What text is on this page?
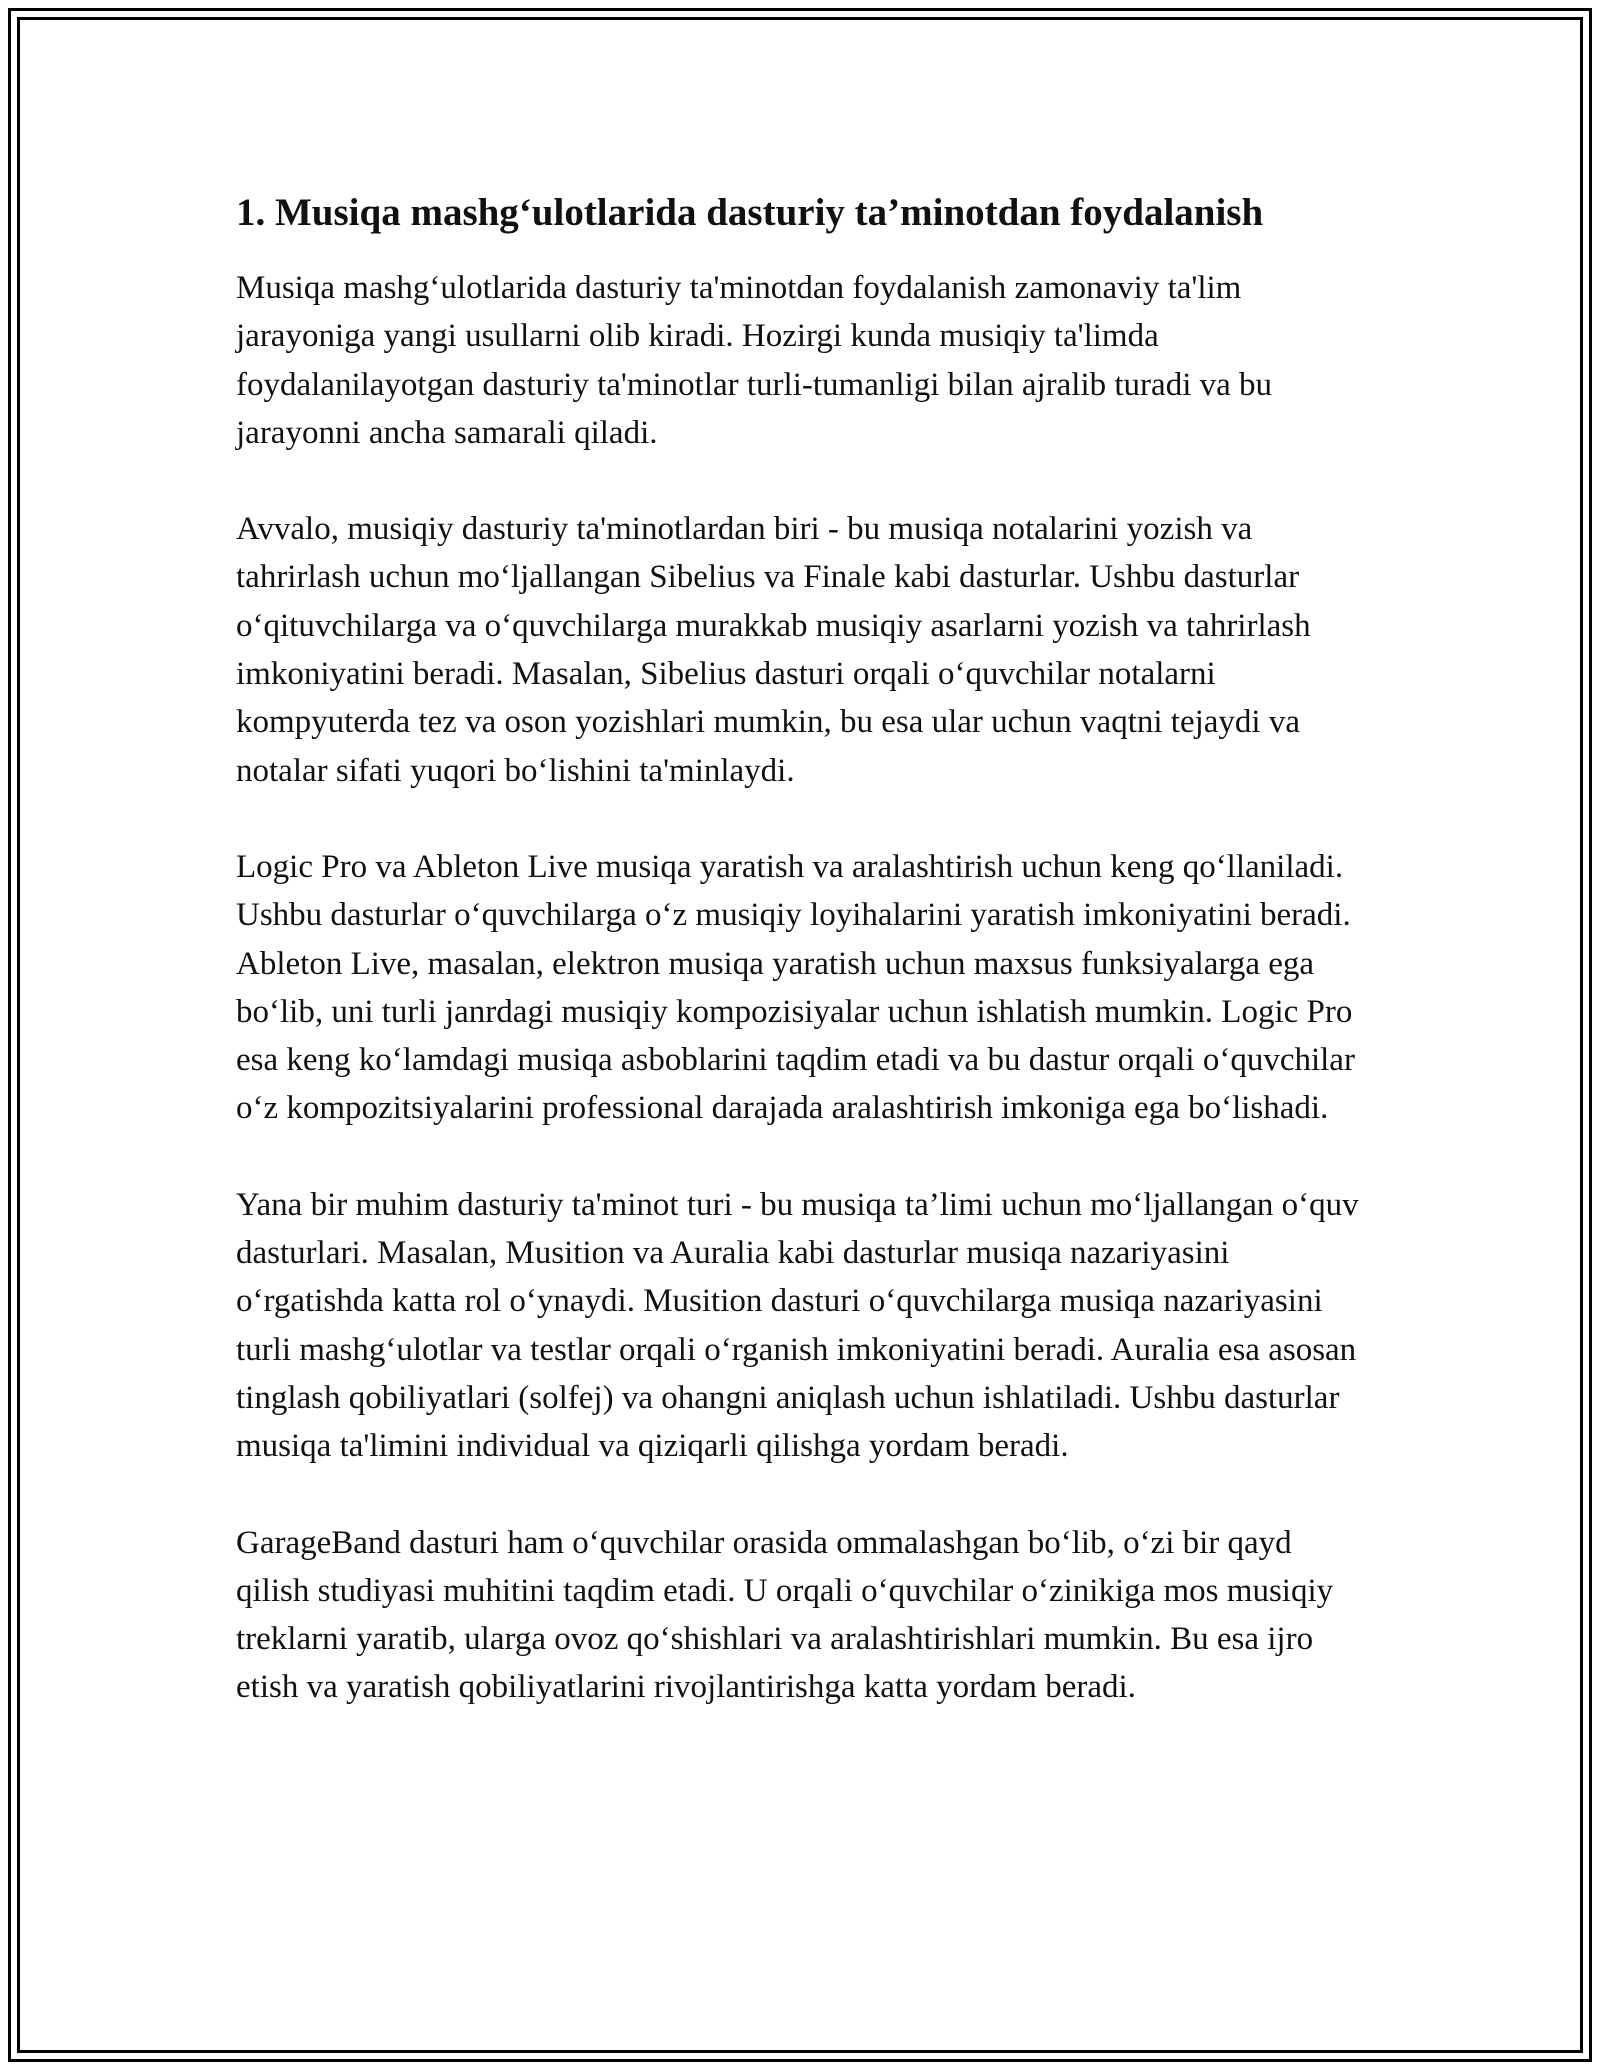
1. Musiqa mashg‘ulotlarida dasturiy ta’minotdan foydalanish

Musiqa mashg‘ulotlarida dasturiy ta'minotdan foydalanish zamonaviy ta'lim jarayoniga yangi usullarni olib kiradi. Hozirgi kunda musiqiy ta'limda foydalanilayotgan dasturiy ta'minotlar turli-tumanligi bilan ajralib turadi va bu jarayonni ancha samarali qiladi.

Avvalo, musiqiy dasturiy ta'minotlardan biri - bu musiqa notalarini yozish va tahrirlash uchun mo‘ljallangan Sibelius va Finale kabi dasturlar. Ushbu dasturlar o‘qituvchilarga va o‘quvchilarga murakkab musiqiy asarlarni yozish va tahrirlash imkoniyatini beradi. Masalan, Sibelius dasturi orqali o‘quvchilar notalarni kompyuterda tez va oson yozishlari mumkin, bu esa ular uchun vaqtni tejaydi va notalar sifati yuqori bo‘lishini ta'minlaydi.

Logic Pro va Ableton Live musiqa yaratish va aralashtirish uchun keng qo‘llaniladi. Ushbu dasturlar o‘quvchilarga o‘z musiqiy loyihalarini yaratish imkoniyatini beradi. Ableton Live, masalan, elektron musiqa yaratish uchun maxsus funksiyalarga ega bo‘lib, uni turli janrdagi musiqiy kompozisiyalar uchun ishlatish mumkin. Logic Pro esa keng ko‘lamdagi musiqa asboblarini taqdim etadi va bu dastur orqali o‘quvchilar o‘z kompozitsiyalarini professional darajada aralashtirish imkoniga ega bo‘lishadi.

Yana bir muhim dasturiy ta'minot turi - bu musiqa ta’limi uchun mo‘ljallangan o‘quv dasturlari. Masalan, Musition va Auralia kabi dasturlar musiqa nazariyasini o‘rgatishda katta rol o‘ynaydi. Musition dasturi o‘quvchilarga musiqa nazariyasini turli mashg‘ulotlar va testlar orqali o‘rganish imkoniyatini beradi. Auralia esa asosan tinglash qobiliyatlari (solfej) va ohangni aniqlash uchun ishlatiladi. Ushbu dasturlar musiqa ta'limini individual va qiziqarli qilishga yordam beradi.

GarageBand dasturi ham o‘quvchilar orasida ommalashgan bo‘lib, o‘zi bir qayd qilish studiyasi muhitini taqdim etadi. U orqali o‘quvchilar o‘zinikiga mos musiqiy treklarni yaratib, ularga ovoz qo‘shishlari va aralashtirishlari mumkin. Bu esa ijro etish va yaratish qobiliyatlarini rivojlantirishga katta yordam beradi.
